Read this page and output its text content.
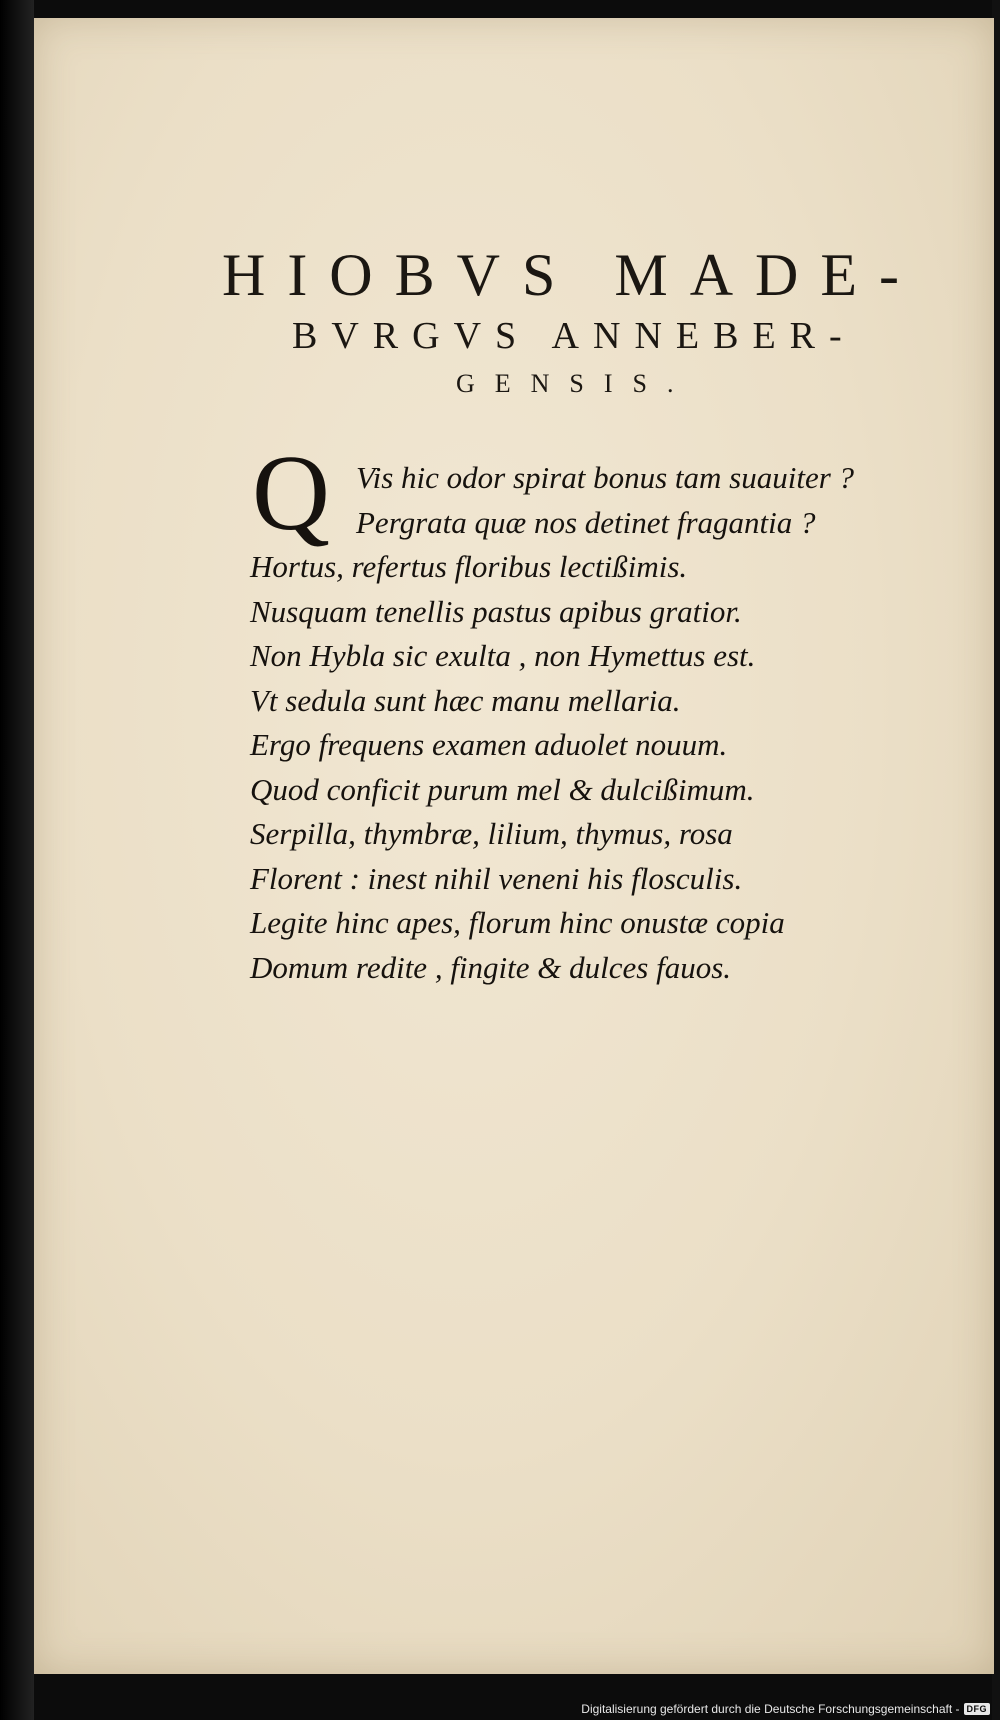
HIOBVS MADE-
BVRGVS ANNEBER-
GENSIS.
Q Vis hic odor spirat bonus tam suauiter ?
Pergrata quæ nos detinet fragantia ?
Hortus, refertus floribus lectißimis.
Nusquam tenellis pastus apibus gratior.
Non Hybla sic exulta , non Hymettus est.
Vt sedula sunt hæc manu mellaria.
Ergo frequens examen aduolet nouum.
Quod conficit purum mel & dulcißimum.
Serpilla, thymbræ, lilium, thymus, rosa
Florent : inest nihil veneni his flosculis.
Legite hinc apes, florum hinc onustæ copia
Domum redite , fingite & dulces fauos.
Digitalisierung gefördert durch die Deutsche Forschungsgemeinschaft - DFG
